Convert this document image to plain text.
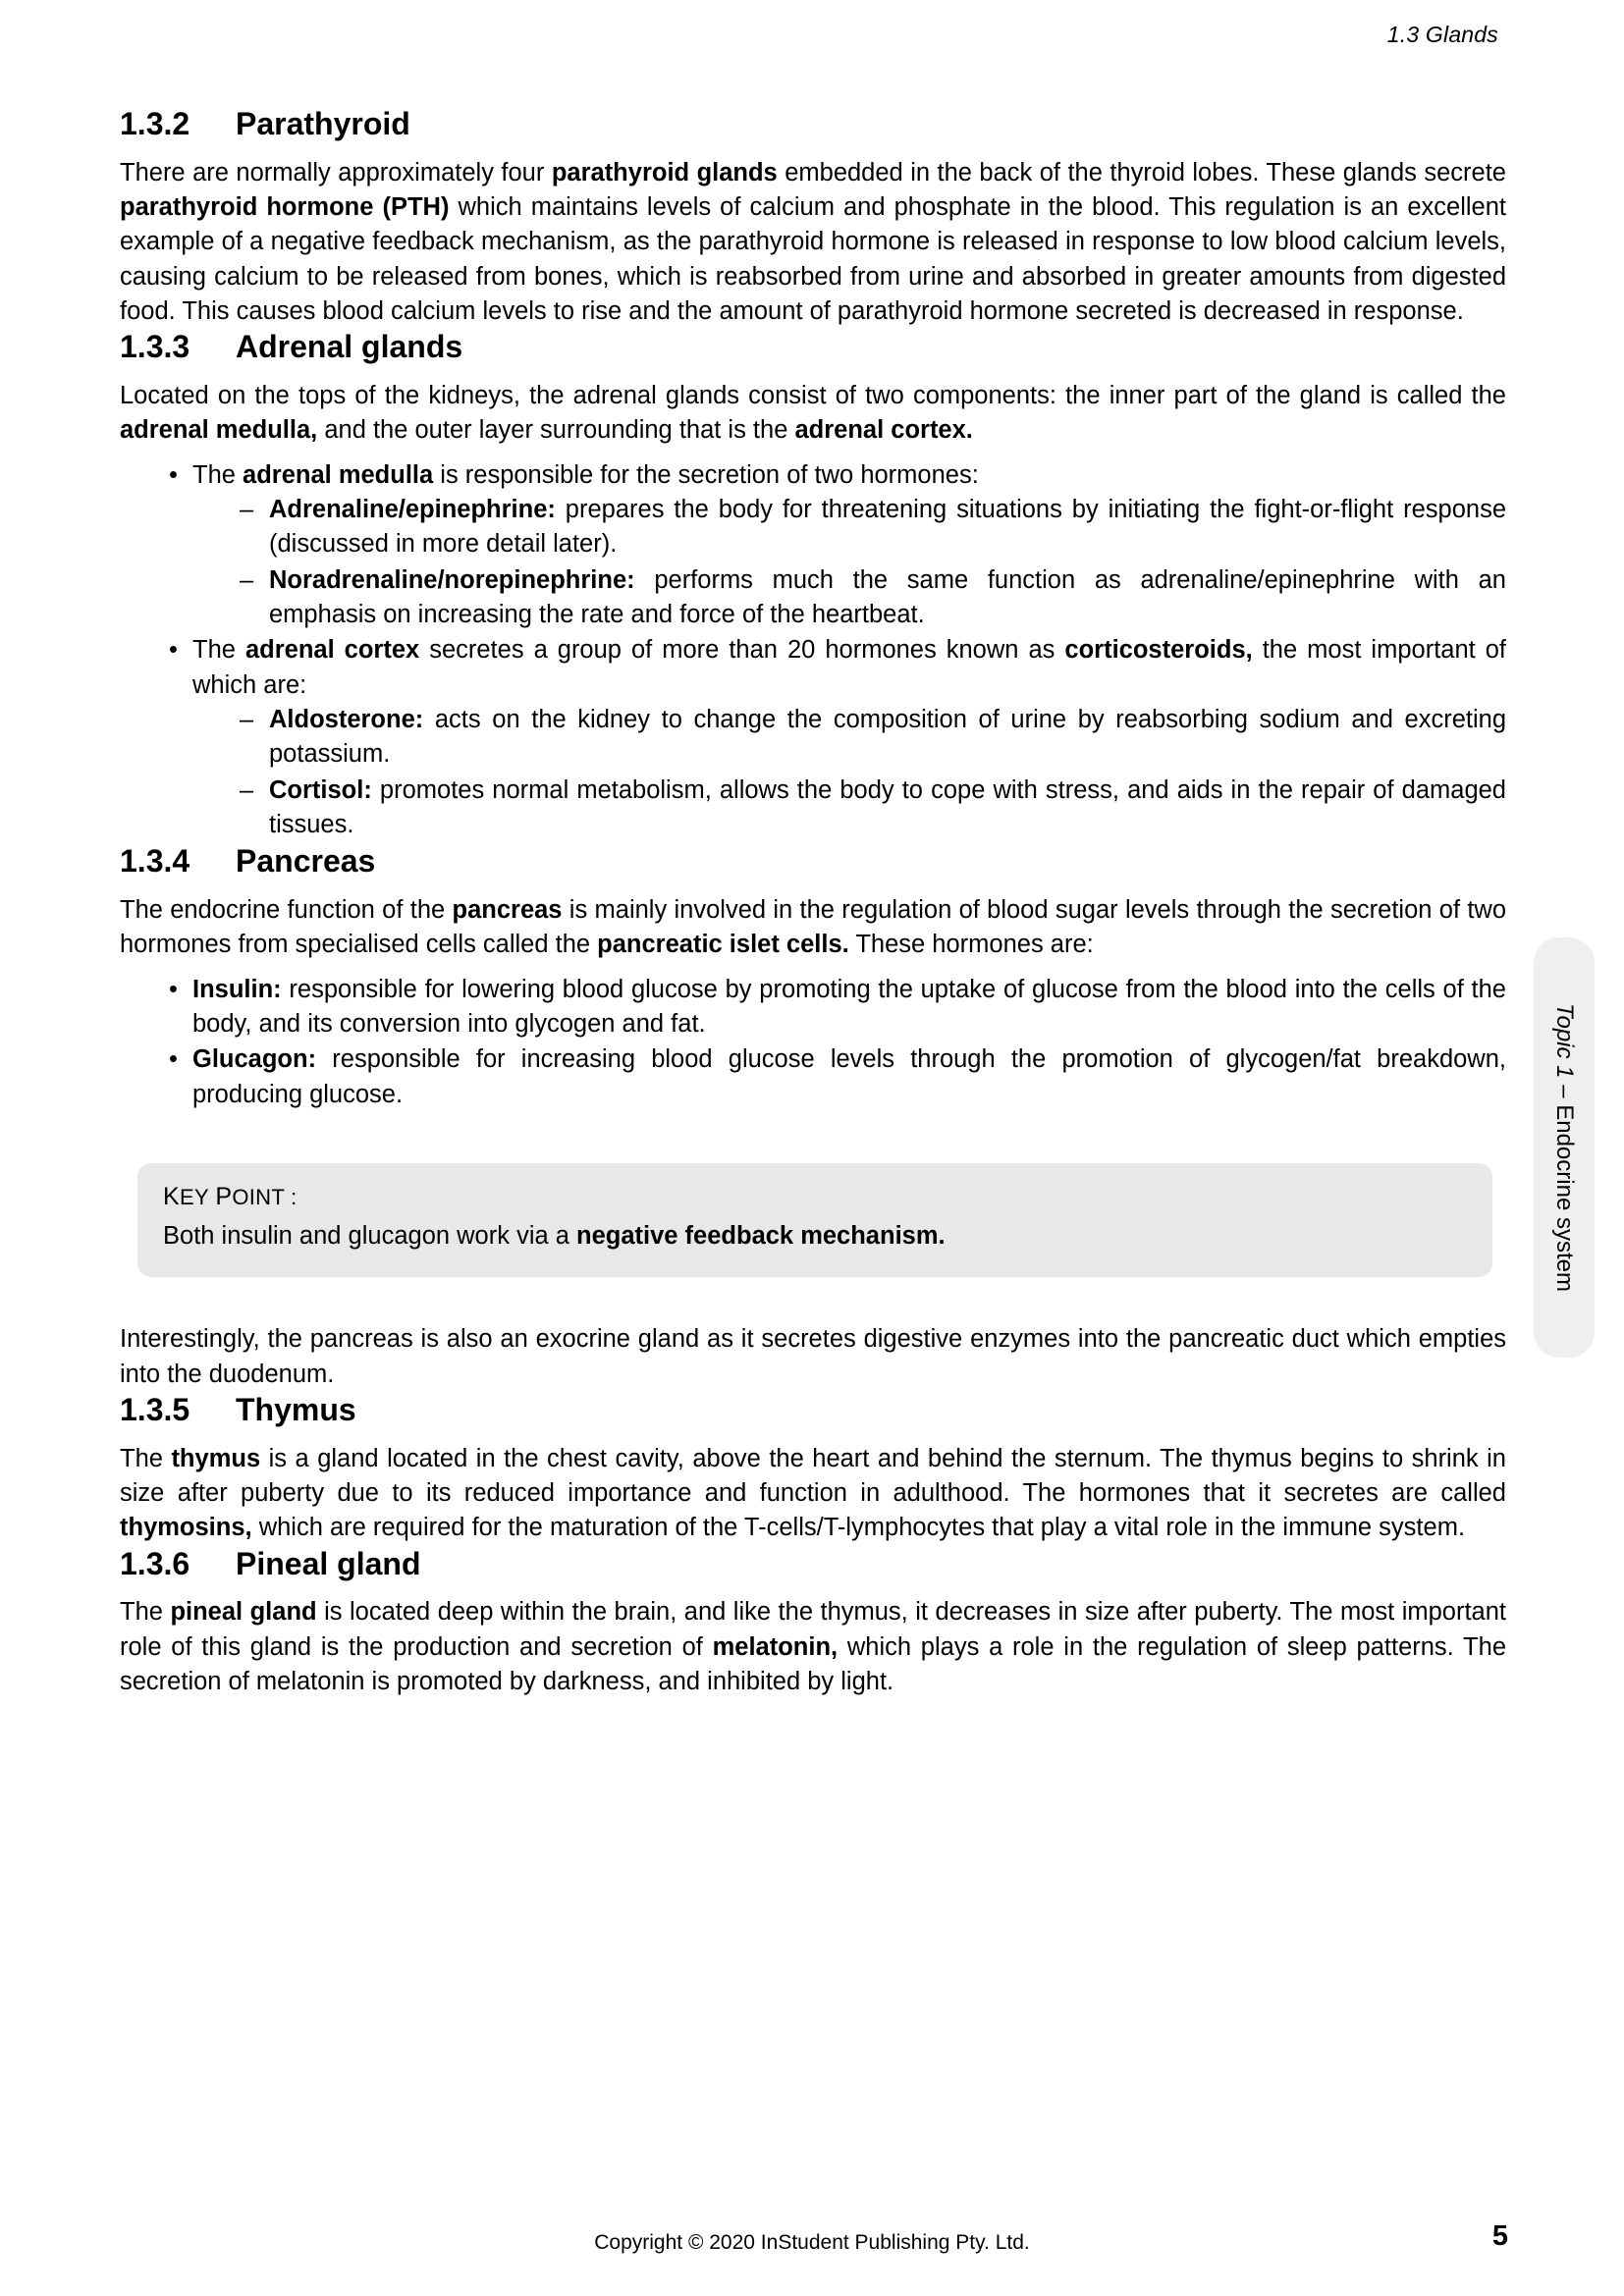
1.3 Glands
1.3.2 Parathyroid

There are normally approximately four parathyroid glands embedded in the back of the thyroid lobes. These glands secrete parathyroid hormone (PTH) which maintains levels of calcium and phosphate in the blood. This regulation is an excellent example of a negative feedback mechanism, as the parathyroid hormone is released in response to low blood calcium levels, causing calcium to be released from bones, which is reabsorbed from urine and absorbed in greater amounts from digested food. This causes blood calcium levels to rise and the amount of parathyroid hormone secreted is decreased in response.

1.3.3 Adrenal glands

Located on the tops of the kidneys, the adrenal glands consist of two components: the inner part of the gland is called the adrenal medulla, and the outer layer surrounding that is the adrenal cortex.

• The adrenal medulla is responsible for the secretion of two hormones:
– Adrenaline/epinephrine: prepares the body for threatening situations by initiating the fight-or-flight response (discussed in more detail later).
– Noradrenaline/norepinephrine: performs much the same function as adrenaline/epinephrine with an emphasis on increasing the rate and force of the heartbeat.
• The adrenal cortex secretes a group of more than 20 hormones known as corticosteroids, the most important of which are:
– Aldosterone: acts on the kidney to change the composition of urine by reabsorbing sodium and excreting potassium.
– Cortisol: promotes normal metabolism, allows the body to cope with stress, and aids in the repair of damaged tissues.
1.3.4 Pancreas

The endocrine function of the pancreas is mainly involved in the regulation of blood sugar levels through the secretion of two hormones from specialised cells called the pancreatic islet cells. These hormones are:

• Insulin: responsible for lowering blood glucose by promoting the uptake of glucose from the blood into the cells of the body, and its conversion into glycogen and fat.
• Glucagon: responsible for increasing blood glucose levels through the promotion of glycogen/fat breakdown, producing glucose.
KEY POINT :
Both insulin and glucagon work via a negative feedback mechanism.

Interestingly, the pancreas is also an exocrine gland as it secretes digestive enzymes into the pancreatic duct which empties into the duodenum.

1.3.5 Thymus

The thymus is a gland located in the chest cavity, above the heart and behind the sternum. The thymus begins to shrink in size after puberty due to its reduced importance and function in adulthood. The hormones that it secretes are called thymosins, which are required for the maturation of the T-cells/T-lymphocytes that play a vital role in the immune system.

1.3.6 Pineal gland

The pineal gland is located deep within the brain, and like the thymus, it decreases in size after puberty. The most important role of this gland is the production and secretion of melatonin, which plays a role in the regulation of sleep patterns. The secretion of melatonin is promoted by darkness, and inhibited by light.

Topic 1 – Endocrine system
Copyright © 2020 InStudent Publishing Pty. Ltd.	5
